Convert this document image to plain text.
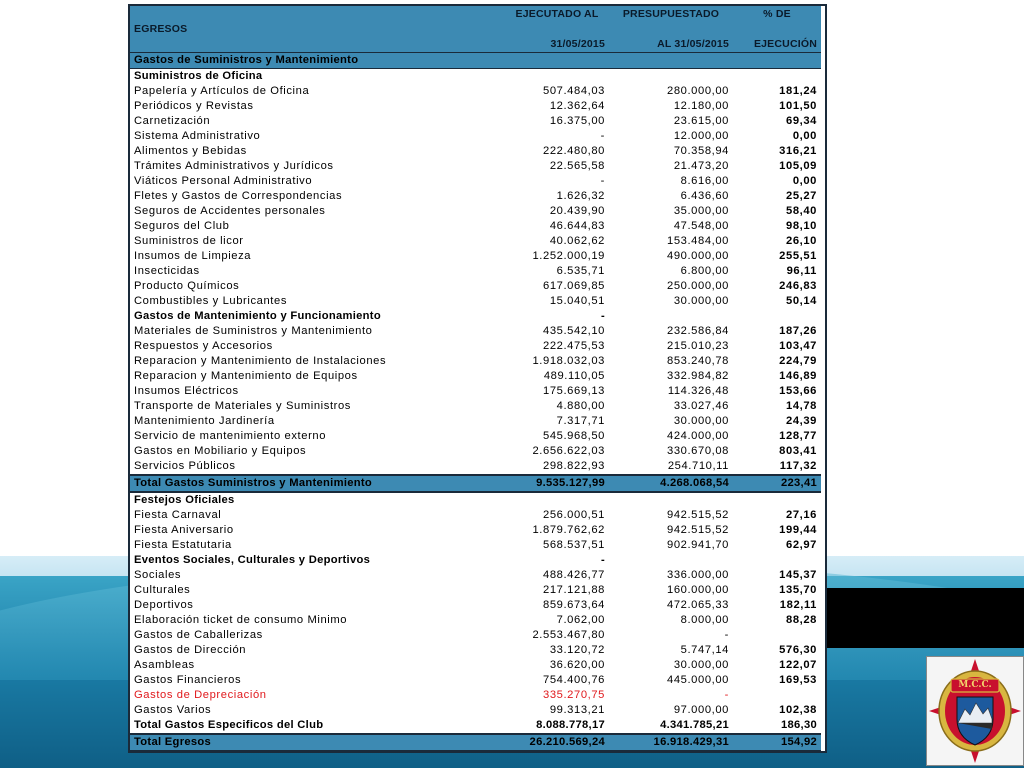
M.C.C.
	EJECUTADO AL	PRESUPUESTADO	% DE
EGRESOS			
	31/05/2015	AL 31/05/2015	EJECUCIÓN
Gastos de Suministros y Mantenimiento			
Suministros de Oficina			
Papelería y Artículos de Oficina	507.484,03	280.000,00	181,24
Periódicos y Revistas	12.362,64	12.180,00	101,50
Carnetización	16.375,00	23.615,00	69,34
Sistema Administrativo	-	12.000,00	0,00
Alimentos y Bebidas	222.480,80	70.358,94	316,21
Trámites Administrativos y Jurídicos	22.565,58	21.473,20	105,09
Viáticos Personal Administrativo	-	8.616,00	0,00
Fletes y Gastos de Correspondencias	1.626,32	6.436,60	25,27
Seguros de Accidentes personales	20.439,90	35.000,00	58,40
Seguros del Club	46.644,83	47.548,00	98,10
Suministros de licor	40.062,62	153.484,00	26,10
Insumos de Limpieza	1.252.000,19	490.000,00	255,51
Insecticidas	6.535,71	6.800,00	96,11
Producto Químicos	617.069,85	250.000,00	246,83
Combustibles y Lubricantes	15.040,51	30.000,00	50,14
Gastos de Mantenimiento y Funcionamiento	-		
Materiales de Suministros y Mantenimiento	435.542,10	232.586,84	187,26
Respuestos y Accesorios	222.475,53	215.010,23	103,47
Reparacion y Mantenimiento de Instalaciones	1.918.032,03	853.240,78	224,79
Reparacion y Mantenimiento de Equipos	489.110,05	332.984,82	146,89
Insumos Eléctricos	175.669,13	114.326,48	153,66
Transporte de Materiales y Suministros	4.880,00	33.027,46	14,78
Mantenimiento Jardinería	7.317,71	30.000,00	24,39
Servicio de mantenimiento externo	545.968,50	424.000,00	128,77
Gastos en Mobiliario y Equipos	2.656.622,03	330.670,08	803,41
Servicios Públicos	298.822,93	254.710,11	117,32
Total Gastos Suministros y Mantenimiento	9.535.127,99	4.268.068,54	223,41
Festejos Oficiales			
Fiesta Carnaval	256.000,51	942.515,52	27,16
Fiesta Aniversario	1.879.762,62	942.515,52	199,44
Fiesta Estatutaria	568.537,51	902.941,70	62,97
Eventos Sociales, Culturales y Deportivos	-		
Sociales	488.426,77	336.000,00	145,37
Culturales	217.121,88	160.000,00	135,70
Deportivos	859.673,64	472.065,33	182,11
Elaboración ticket de consumo Minimo	7.062,00	8.000,00	88,28
Gastos de Caballerizas	2.553.467,80	-	
Gastos de Dirección	33.120,72	5.747,14	576,30
Asambleas	36.620,00	30.000,00	122,07
Gastos Financieros	754.400,76	445.000,00	169,53
Gastos de Depreciación	335.270,75	-	
Gastos Varios	99.313,21	97.000,00	102,38
Total Gastos Especificos del Club	8.088.778,17	4.341.785,21	186,30
Total Egresos	26.210.569,24	16.918.429,31	154,92
